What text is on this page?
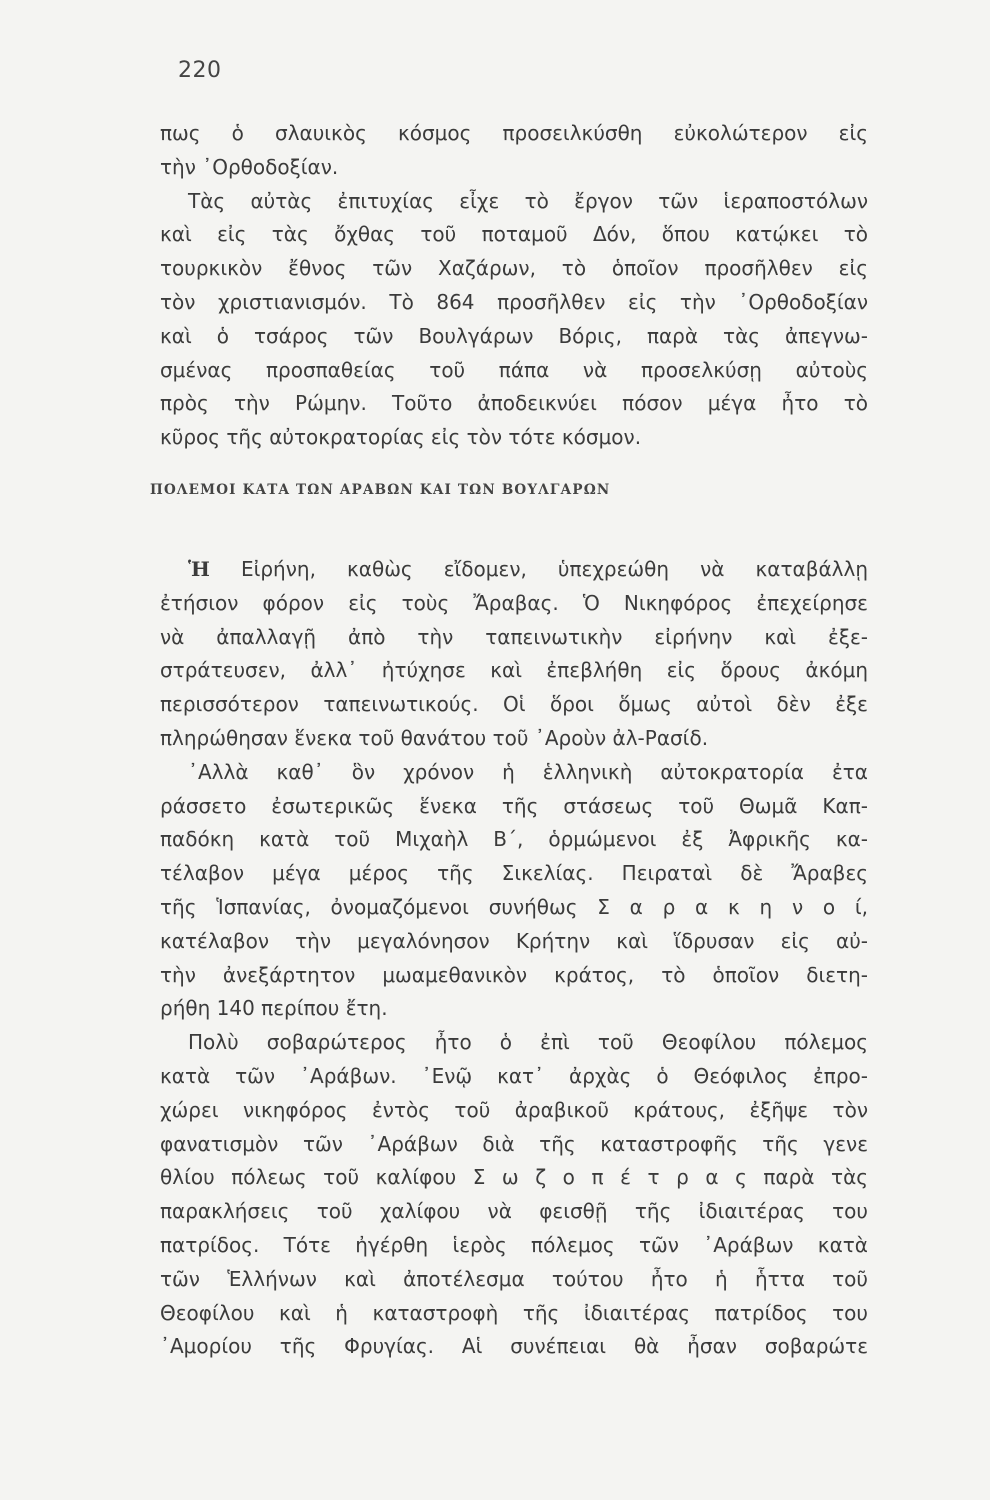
220
πως ὁ σλαυικὸς κόσμος προσειλκύσθη εὐκολώτερον εἰς
τὴν ᾿Ορθοδοξίαν.
Τὰς αὐτὰς ἐπιτυχίας εἶχε τὸ ἔργον τῶν ἱεραποστόλων
καὶ εἰς τὰς ὄχθας τοῦ ποταμοῦ Δόν, ὅπου κατῴκει τὸ
τουρκικὸν ἔθνος τῶν Χαζάρων, τὸ ὁποῖον προσῆλθεν εἰς
τὸν χριστιανισμόν. Τὸ 864 προσῆλθεν εἰς τὴν ᾿Ορθοδοξίαν
καὶ ὁ τσάρος τῶν Βουλγάρων Βόρις, παρὰ τὰς ἀπεγνω-
σμένας προσπαθείας τοῦ πάπα νὰ προσελκύσῃ αὐτοὺς
πρὸς τὴν Ρώμην. Τοῦτο ἀποδεικνύει πόσον μέγα ἦτο τὸ
κῦρος τῆς αὐτοκρατορίας εἰς τὸν τότε κόσμον.
ΠΟΛΕΜΟΙ ΚΑΤΑ ΤΩΝ ΑΡΑΒΩΝ ΚΑΙ ΤΩΝ ΒΟΥΛΓΑΡΩΝ
Ἡ Εἰρήνη, καθὼς εἴδομεν, ὑπεχρεώθη νὰ καταβάλλῃ
ἐτήσιον φόρον εἰς τοὺς Ἄραβας. Ὁ Νικηφόρος ἐπεχείρησε
νὰ ἀπαλλαγῇ ἀπὸ τὴν ταπεινωτικὴν εἰρήνην καὶ ἐξε-
στράτευσεν, ἀλλ᾿ ἠτύχησε καὶ ἐπεβλήθη εἰς ὅρους ἀκόμη
περισσότερον ταπεινωτικούς. Οἱ ὅροι ὅμως αὐτοὶ δὲν ἐξε
πληρώθησαν ἕνεκα τοῦ θανάτου τοῦ ᾿Αροὺν ἀλ-Ρασίδ.
᾿Αλλὰ καθ᾿ ὃν χρόνον ἡ ἑλληνικὴ αὐτοκρατορία ἐτα
ράσσετο ἐσωτερικῶς ἕνεκα τῆς στάσεως τοῦ Θωμᾶ Καπ-
παδόκη κατὰ τοῦ Μιχαὴλ Β΄, ὁρμώμενοι ἐξ Ἀφρικῆς κα-
τέλαβον μέγα μέρος τῆς Σικελίας. Πειραταὶ δὲ Ἄραβες
τῆς Ἱσπανίας, ὀνομαζόμενοι συνήθως Σ α ρ α κ η ν ο ί,
κατέλαβον τὴν μεγαλόνησον Κρήτην καὶ ἵδρυσαν εἰς αὐ-
τὴν ἀνεξάρτητον μωαμεθανικὸν κράτος, τὸ ὁποῖον διετη-
ρήθη 140 περίπου ἔτη.
Πολὺ σοβαρώτερος ἦτο ὁ ἐπὶ τοῦ Θεοφίλου πόλεμος
κατὰ τῶν ᾿Αράβων. ᾿Ενῷ κατ᾿ ἀρχὰς ὁ Θεόφιλος ἐπρο-
χώρει νικηφόρος ἐντὸς τοῦ ἀραβικοῦ κράτους, ἐξῆψε τὸν
φανατισμὸν τῶν ᾿Αράβων διὰ τῆς καταστροφῆς τῆς γενε
θλίου πόλεως τοῦ καλίφου Σ ω ζ ο π έ τ ρ α ς παρὰ τὰς
παρακλήσεις τοῦ χαλίφου νὰ φεισθῇ τῆς ἰδιαιτέρας του
πατρίδος. Τότε ἠγέρθη ἱερὸς πόλεμος τῶν ᾿Αράβων κατὰ
τῶν Ἑλλήνων καὶ ἀποτέλεσμα τούτου ἦτο ἡ ἧττα τοῦ
Θεοφίλου καὶ ἡ καταστροφὴ τῆς ἰδιαιτέρας πατρίδος του
᾿Αμορίου τῆς Φρυγίας. Αἱ συνέπειαι θὰ ἦσαν σοβαρώτε
